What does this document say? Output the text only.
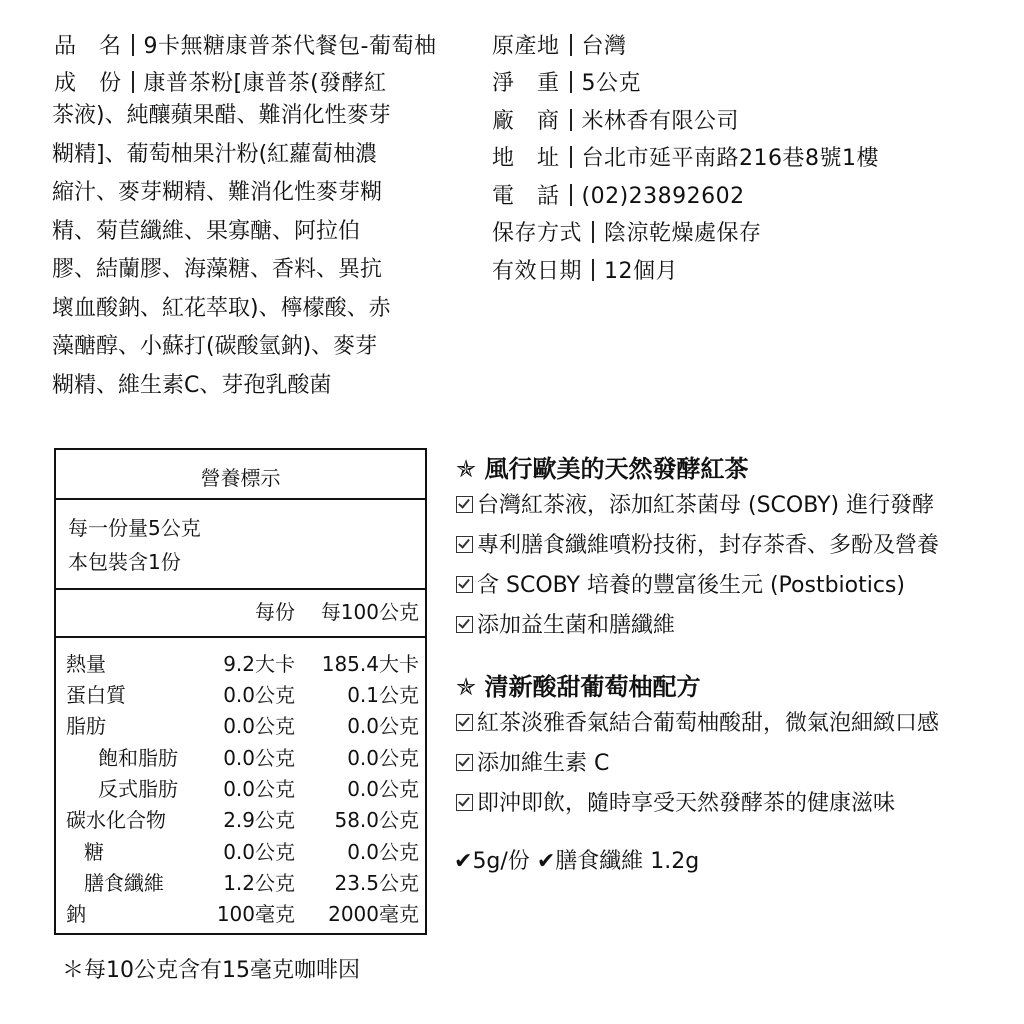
品　名 9卡無糖康普茶代餐包-葡萄柚
成　份 康普茶粉[康普茶(發酵紅
茶液)、純釀蘋果醋、難消化性麥芽
糊精]、葡萄柚果汁粉(紅蘿蔔柚濃
縮汁、麥芽糊精、難消化性麥芽糊
精、菊苣纖維、果寡醣、阿拉伯
膠、結蘭膠、海藻糖、香料、異抗
壞血酸鈉、紅花萃取)、檸檬酸、赤
藻醣醇、小蘇打(碳酸氫鈉)、麥芽
糊精、維生素C、芽孢乳酸菌
原產地 台灣
淨　重 5公克
廠　商 米林香有限公司
地　址 台北市延平南路216巷8號1樓
電　話 (02)23892602
保存方式 陰涼乾燥處保存
有效日期 12個月
營養標示
每一份量5公克
本包裝含1份
每份 每100公克
熱量	9.2大卡 185.4大卡
蛋白質	0.0公克	0.1公克
脂肪	0.0公克	0.0公克
飽和脂肪 0.0公克	0.0公克
反式脂肪 0.0公克	0.0公克
碳水化合物	2.9公克 58.0公克
糖	0.0公克	0.0公克
膳食纖維	1.2公克 23.5公克
鈉	100毫克 2000毫克
＊每10公克含有15毫克咖啡因
✯ 風行歐美的天然發酵紅茶
台灣紅茶液，添加紅茶菌母 (SCOBY) 進行發酵
專利膳食纖維噴粉技術，封存茶香、多酚及營養
含 SCOBY 培養的豐富後生元 (Postbiotics)
添加益生菌和膳纖維
✯ 清新酸甜葡萄柚配方
紅茶淡雅香氣結合葡萄柚酸甜，微氣泡細緻口感
添加維生素 C
即沖即飲，隨時享受天然發酵茶的健康滋味
✔5g/份 ✔膳食纖維 1.2g
